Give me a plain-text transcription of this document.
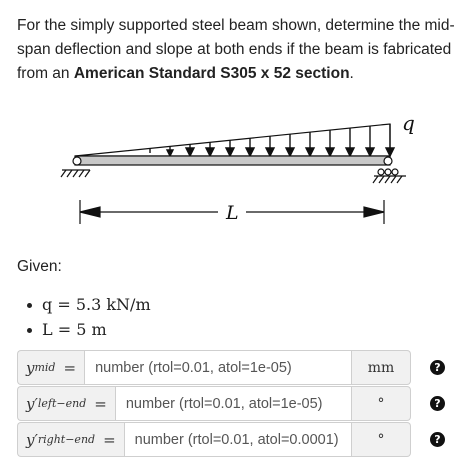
For the simply supported steel beam shown, determine the mid-span deflection and slope at both ends if the beam is fabricated from an American Standard S305 x 52 section.
q
L
Given:
q = 5.3 kN/m
L = 5 m
y mid =	number (rtol=0.01, atol=1e-05)	mm	?
y ′ left−end =	number (rtol=0.01, atol=1e-05)	°	?
y ′ right−end =	number (rtol=0.01, atol=0.0001)	°	?
